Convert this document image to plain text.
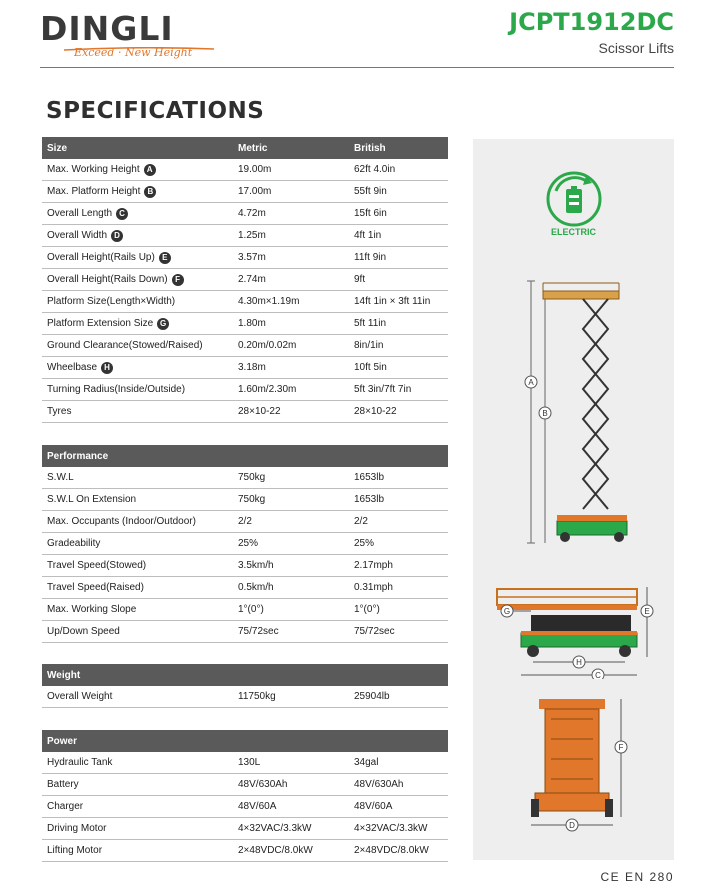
DINGLI
Exceed · New Height
JCPT1912DC
Scissor Lifts
SPECIFICATIONS
Size	Metric	British
Max. Working Height A	19.00m	62ft 4.0in
Max. Platform Height B	17.00m	55ft 9in
Overall Length C	4.72m	15ft 6in
Overall Width D	1.25m	4ft 1in
Overall Height(Rails Up) E	3.57m	11ft 9in
Overall Height(Rails Down) F	2.74m	9ft
Platform Size(Length×Width)	4.30m×1.19m	14ft 1in × 3ft 11in
Platform Extension Size G	1.80m	5ft 11in
Ground Clearance(Stowed/Raised)	0.20m/0.02m	8in/1in
Wheelbase H	3.18m	10ft 5in
Turning Radius(Inside/Outside)	1.60m/2.30m	5ft 3in/7ft 7in
Tyres	28×10-22	28×10-22
Performance
S.W.L	750kg	1653lb
S.W.L On Extension	750kg	1653lb
Max. Occupants (Indoor/Outdoor)	2/2	2/2
Gradeability	25%	25%
Travel Speed(Stowed)	3.5km/h	2.17mph
Travel Speed(Raised)	0.5km/h	0.31mph
Max. Working Slope	1°(0°)	1°(0°)
Up/Down Speed	75/72sec	75/72sec
Weight
Overall Weight	11750kg	25904lb
Power
Hydraulic Tank	130L	34gal
Battery	48V/630Ah	48V/630Ah
Charger	48V/60A	48V/60A
Driving Motor	4×32VAC/3.3kW	4×32VAC/3.3kW
Lifting Motor	2×48VDC/8.0kW	2×48VDC/8.0kW
ELECTRIC
A
B
G
H
C
E
D
F
CE EN 280
